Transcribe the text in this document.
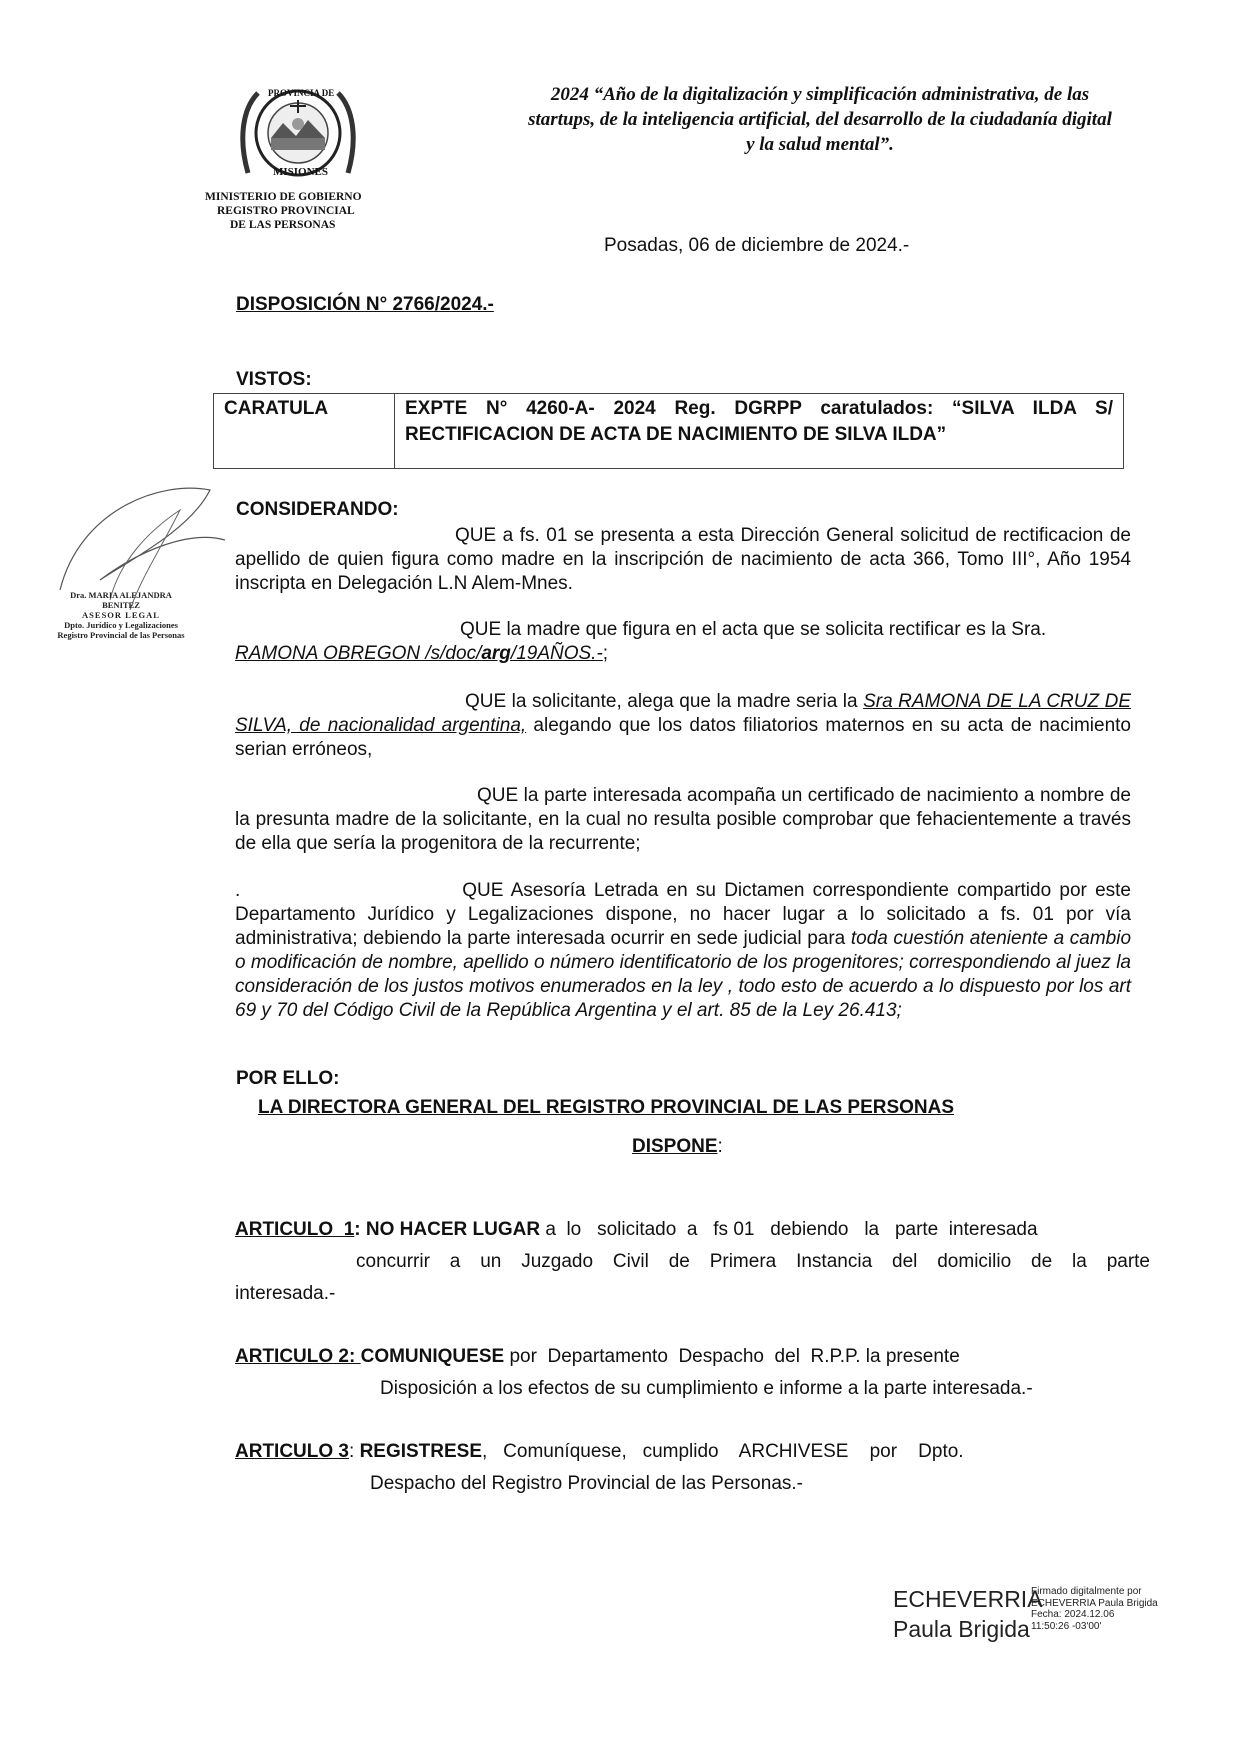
PROVINCIA DE
MISIONES
MINISTERIO DE GOBIERNO
REGISTRO PROVINCIAL
DE LAS PERSONAS
2024 “Año de la digitalización y simplificación administrativa, de las
startups, de la inteligencia artificial, del desarrollo de la ciudadanía digital
y la salud mental”.
Posadas, 06 de diciembre de 2024.-
DISPOSICIÓN N° 2766/2024.-
VISTOS:
CARATULA	EXPTE N° 4260-A- 2024 Reg. DGRPP caratulados: “SILVA ILDA S/ RECTIFICACION DE ACTA DE NACIMIENTO DE SILVA ILDA”
Dra. MARIA ALEJANDRA BENITEZ
ASESOR LEGAL
Dpto. Jurídico y Legalizaciones
Registro Provincial de las Personas
CONSIDERANDO:
QUE a fs. 01 se presenta a esta Dirección General solicitud de rectificacion de apellido de quien figura como madre en la inscripción de nacimiento de acta 366, Tomo III°, Año 1954 inscripta en Delegación L.N Alem-Mnes.
QUE la madre que figura en el acta que se solicita rectificar es la Sra.
RAMONA OBREGON /s/doc/arg/19AÑOS.-;
QUE la solicitante, alega que la madre seria la Sra RAMONA DE LA CRUZ DE SILVA, de nacionalidad argentina, alegando que los datos filiatorios maternos en su acta de nacimiento serian erróneos,
QUE la parte interesada acompaña un certificado de nacimiento a nombre de la presunta madre de la solicitante, en la cual no resulta posible comprobar que fehacientemente a través de ella que sería la progenitora de la recurrente;
.	QUE Asesoría Letrada en su Dictamen correspondiente compartido por este Departamento Jurídico y Legalizaciones dispone, no hacer lugar a lo solicitado a fs. 01 por vía administrativa; debiendo la parte interesada ocurrir en sede judicial para toda cuestión ateniente a cambio o modificación de nombre, apellido o número identificatorio de los progenitores; correspondiendo al juez la consideración de los justos motivos enumerados en la ley , todo esto de acuerdo a lo dispuesto por los art 69 y 70 del Código Civil de la República Argentina y el art. 85 de la Ley 26.413;
POR ELLO:
LA DIRECTORA GENERAL DEL REGISTRO PROVINCIAL DE LAS PERSONAS
DISPONE:
ARTICULO  1: NO HACER LUGAR a  lo   solicitado  a   fs 01   debiendo   la   parte  interesada
concurrir a un Juzgado Civil de Primera Instancia del domicilio de la parte
interesada.-
ARTICULO 2: COMUNIQUESE por  Departamento  Despacho  del  R.P.P. la presente
Disposición a los efectos de su cumplimiento e informe a la parte interesada.-
ARTICULO 3: REGISTRESE,   Comuníquese,   cumplido    ARCHIVESE    por    Dpto.
Despacho del Registro Provincial de las Personas.-
ECHEVERRIA
Paula Brigida
Firmado digitalmente por
ECHEVERRIA Paula Brigida
Fecha: 2024.12.06
11:50:26 -03'00'
